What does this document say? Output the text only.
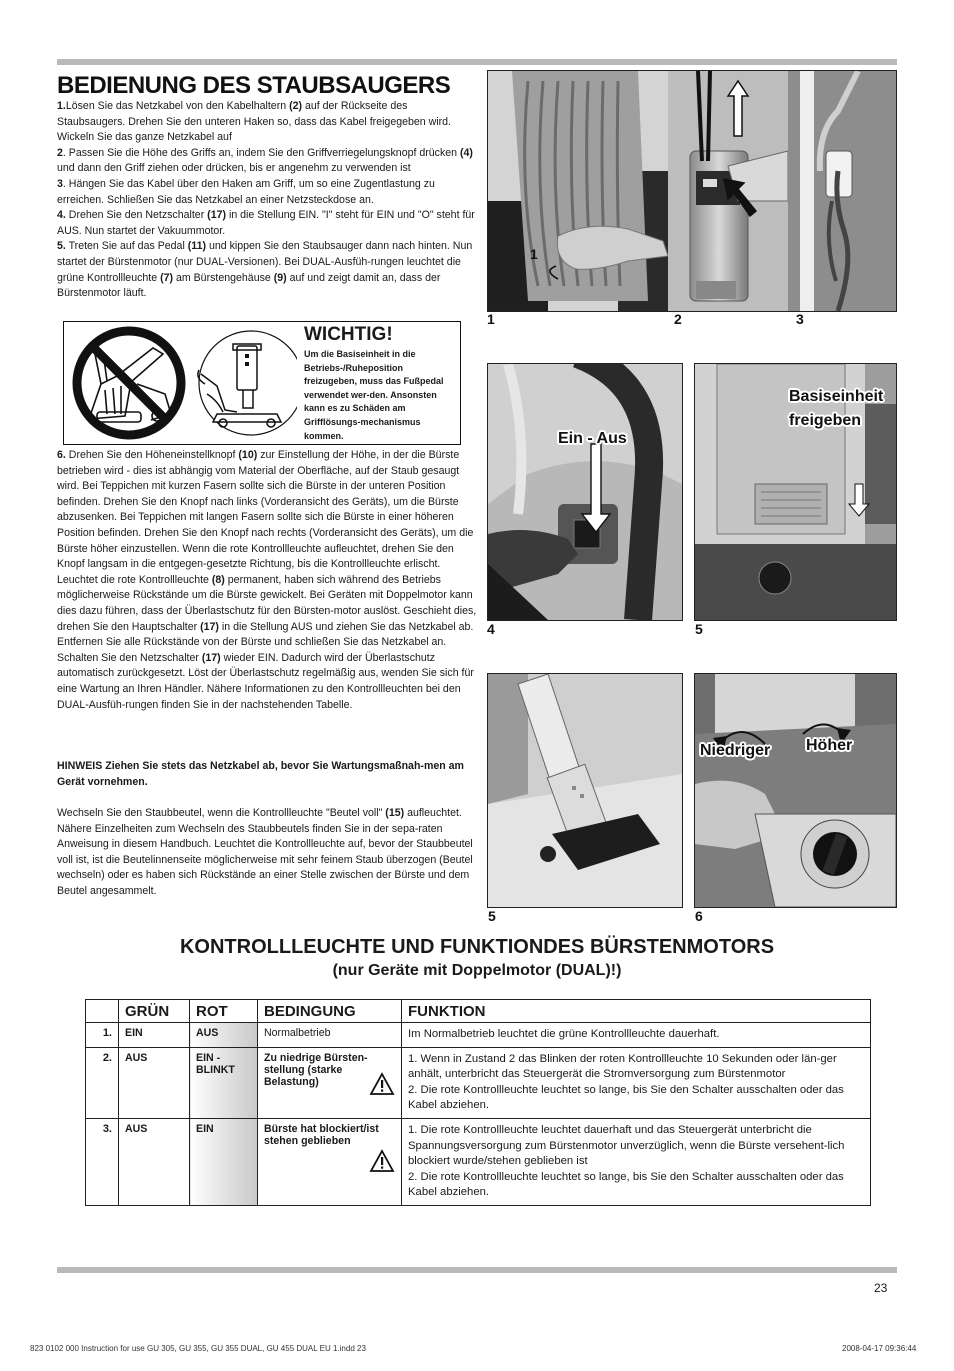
BEDIENUNG DES STAUBSAUGERS

1.Lösen Sie das Netzkabel von den Kabelhaltern (2) auf der Rückseite des Staubsaugers. Drehen Sie den unteren Haken so, dass das Kabel freigegeben wird. Wickeln Sie das ganze Netzkabel auf

2. Passen Sie die Höhe des Griffs an, indem Sie den Griffverriegelungsknopf drücken (4) und dann den Griff ziehen oder drücken, bis er angenehm zu verwenden ist

3. Hängen Sie das Kabel über den Haken am Griff, um so eine Zugentlastung zu erreichen. Schließen Sie das Netzkabel an einer Netzsteckdose an.

4. Drehen Sie den Netzschalter (17) in die Stellung EIN. "I" steht für EIN und "O" steht für AUS. Nun startet der Vakuummotor.

5. Treten Sie auf das Pedal (11) und kippen Sie den Staubsauger dann nach hinten. Nun startet der Bürstenmotor (nur DUAL-Versionen). Bei DUAL-Ausfüh-rungen leuchtet die grüne Kontrollleuchte (7) am Bürstengehäuse (9) auf und zeigt damit an, dass der Bürstenmotor läuft.

WICHTIG!
Um die Basiseinheit in die Betriebs-/Ruheposition freizugeben, muss das Fußpedal verwendet wer-den. Ansonsten kann es zu Schäden am Grifflösungs-mechanismus kommen.

6. Drehen Sie den Höheneinstellknopf (10) zur Einstellung der Höhe, in der die Bürste betrieben wird - dies ist abhängig vom Material der Oberfläche, auf der Staub gesaugt wird. Bei Teppichen mit kurzen Fasern sollte sich die Bürste in der unteren Position befinden. Drehen Sie den Knopf nach links (Vorderansicht des Geräts), um die Bürste abzusenken. Bei Teppichen mit langen Fasern sollte sich die Bürste in einer höheren Position befinden. Drehen Sie den Knopf nach rechts (Vorderansicht des Geräts), um die Bürste höher einzustellen. Wenn die rote Kontrollleuchte aufleuchtet, drehen Sie den Knopf langsam in die entgegen-gesetzte Richtung, bis die Kontrollleuchte erlischt.

Leuchtet die rote Kontrollleuchte (8) permanent, haben sich während des Betriebs möglicherweise Rückstände um die Bürste gewickelt. Bei Geräten mit Doppelmotor kann dies dazu führen, dass der Überlastschutz für den Bürsten-motor auslöst. Geschieht dies, drehen Sie den Hauptschalter (17) in die Stellung AUS und ziehen Sie das Netzkabel ab. Entfernen Sie alle Rückstände von der Bürste und schließen Sie das Netzkabel an. Schalten Sie den Netzschalter (17) wieder EIN. Dadurch wird der Überlastschutz automatisch zurückgesetzt. Löst der Überlastschutz regelmäßig aus, wenden Sie sich für eine Wartung an Ihren Händler. Nähere Informationen zu den Kontrollleuchten bei den DUAL-Ausfüh-rungen finden Sie in der nachstehenden Tabelle.

HINWEIS Ziehen Sie stets das Netzkabel ab, bevor Sie Wartungsmaßnah-men am Gerät vornehmen.

Wechseln Sie den Staubbeutel, wenn die Kontrollleuchte "Beutel voll" (15) aufleuchtet.

Nähere Einzelheiten zum Wechseln des Staubbeutels finden Sie in der sepa-raten Anweisung in diesem Handbuch. Leuchtet die Kontrollleuchte auf, bevor der Staubbeutel voll ist, ist die Beutelinnenseite möglicherweise mit sehr feinem Staub überzogen (Beutel wechseln) oder es haben sich Rückstände an einer Stelle zwischen der Bürste und dem Beutel angesammelt.

1
1	2	3
Ein - Aus
4
Basiseinheit
freigeben
5
5
Niedriger Höher
6
KONTROLLLEUCHTE UND FUNKTIONDES BÜRSTENMOTORS
(nur Geräte mit Doppelmotor (DUAL)!)
	GRÜN	ROT	BEDINGUNG	FUNKTION
1.	EIN	AUS	Normalbetrieb	Im Normalbetrieb leuchtet die grüne Kontrollleuchte dauerhaft.
2.	AUS	EIN - BLINKT	Zu niedrige Bürsten-stellung (starke Belastung)	1. Wenn in Zustand 2 das Blinken der roten Kontrollleuchte 10 Sekunden oder län-ger anhält, unterbricht das Steuergerät die Stromversorgung zum Bürstenmotor
2. Die rote Kontrollleuchte leuchtet so lange, bis Sie den Schalter ausschalten oder das Kabel abziehen.
3.	AUS	EIN	Bürste hat blockiert/ist stehen geblieben	1. Die rote Kontrollleuchte leuchtet dauerhaft und das Steuergerät unterbricht die Spannungsversorgung zum Bürstenmotor unverzüglich, wenn die Bürste versehent-lich blockiert wurde/stehen geblieben ist
2. Die rote Kontrollleuchte leuchtet so lange, bis Sie den Schalter ausschalten oder das Kabel abziehen.
23
823 0102 000 Instruction for use GU 305, GU 355, GU 355 DUAL, GU 455 DUAL EU 1.indd 23	2008-04-17 09:36:44
